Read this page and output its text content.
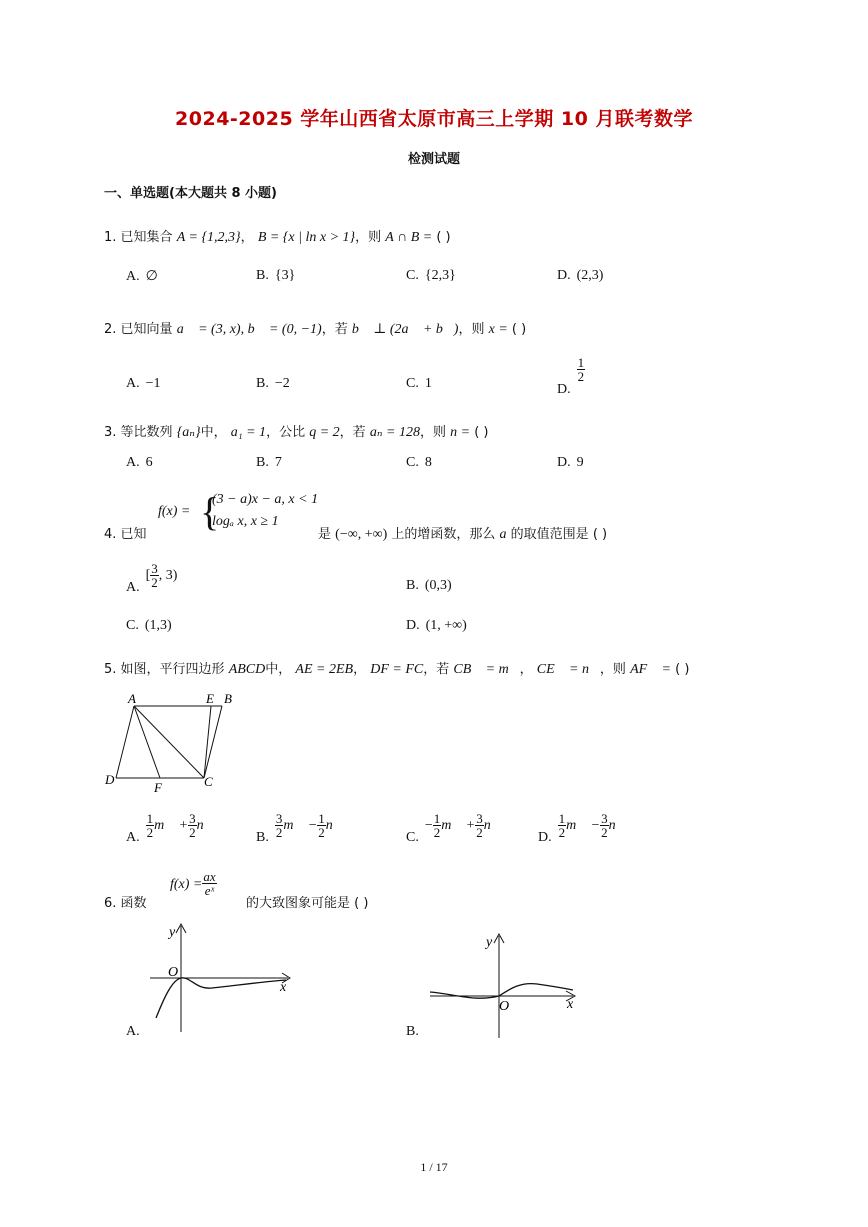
2024-2025 学年山西省太原市高三上学期 10 月联考数学
检测试题
一、单选题(本大题共 8 小题)
1. 已知集合 A = {1,2,3}， B = {x | ln x > 1}，则 A ∩ B = ( )
A. ∅	B. {3}	C. {2,3}	D. (2,3)
2. 已知向量 a⃗ = (3, x), b⃗ = (0, −1)，若 b⃗ ⊥ (2a⃗ + b⃗)，则 x = ( )
A. −1	B. −2	C. 1	D.
$\frac{1}{2}$
3. 等比数列 {aₙ}中， a₁ = 1，公比 q = 2，若 aₙ = 128，则 n = ( )
A. 6	B. 7	C. 8	D. 9
4. 已知
f(x) = {
(3 − a)x − a, x < 1
logₐ x, x ≥ 1
是 (−∞, +∞) 上的增函数，那么 a 的取值范围是 ( )
$A.[ \frac{3}{2}$ , 3)
B. (0,3)
C. (1,3)	D. (1, +∞)
5. 如图，平行四边形 ABCD中， AE = 2EB， DF = FC，若 CB⃗ = m⃗， CE⃗ = n⃗，则 AF⃗ = ( )
A	E B
C
D
F
A. $\frac{1}{2}$ m⃗ + $\frac{3}{2}$ n⃗
B. $\frac{3}{2}$ m⃗ − $\frac{1}{2}$ n⃗
$C.- \frac{1}{2}$ m⃗ + $\frac{3}{2}$ n⃗
D. $\frac{1}{2}$ m⃗ − $\frac{3}{2}$ n⃗
6. 函数
$f(x) = \frac{ax}{\text{eˣ}}$
的大致图象可能是 ( )
y
O
x
A.
y
O	x
B.
1 / 17
